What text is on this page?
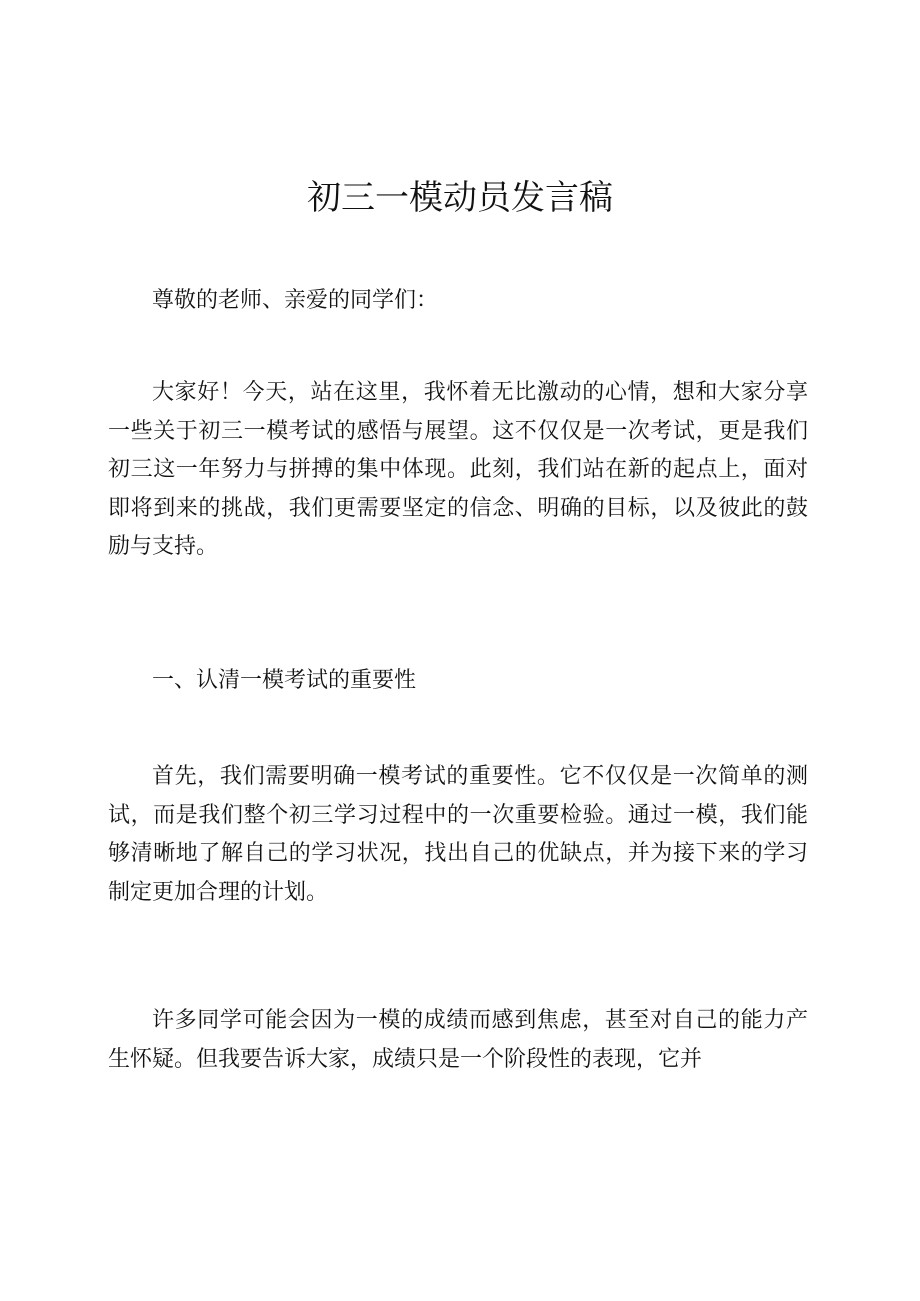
初三一模动员发言稿

尊敬的老师、亲爱的同学们：

大家好！今天，站在这里，我怀着无比激动的心情，想和大家分享一些关于初三一模考试的感悟与展望。这不仅仅是一次考试，更是我们初三这一年努力与拼搏的集中体现。此刻，我们站在新的起点上，面对即将到来的挑战，我们更需要坚定的信念、明确的目标，以及彼此的鼓励与支持。

一、认清一模考试的重要性

首先，我们需要明确一模考试的重要性。它不仅仅是一次简单的测试，而是我们整个初三学习过程中的一次重要检验。通过一模，我们能够清晰地了解自己的学习状况，找出自己的优缺点，并为接下来的学习制定更加合理的计划。

许多同学可能会因为一模的成绩而感到焦虑，甚至对自己的能力产生怀疑。但我要告诉大家，成绩只是一个阶段性的表现，它并
